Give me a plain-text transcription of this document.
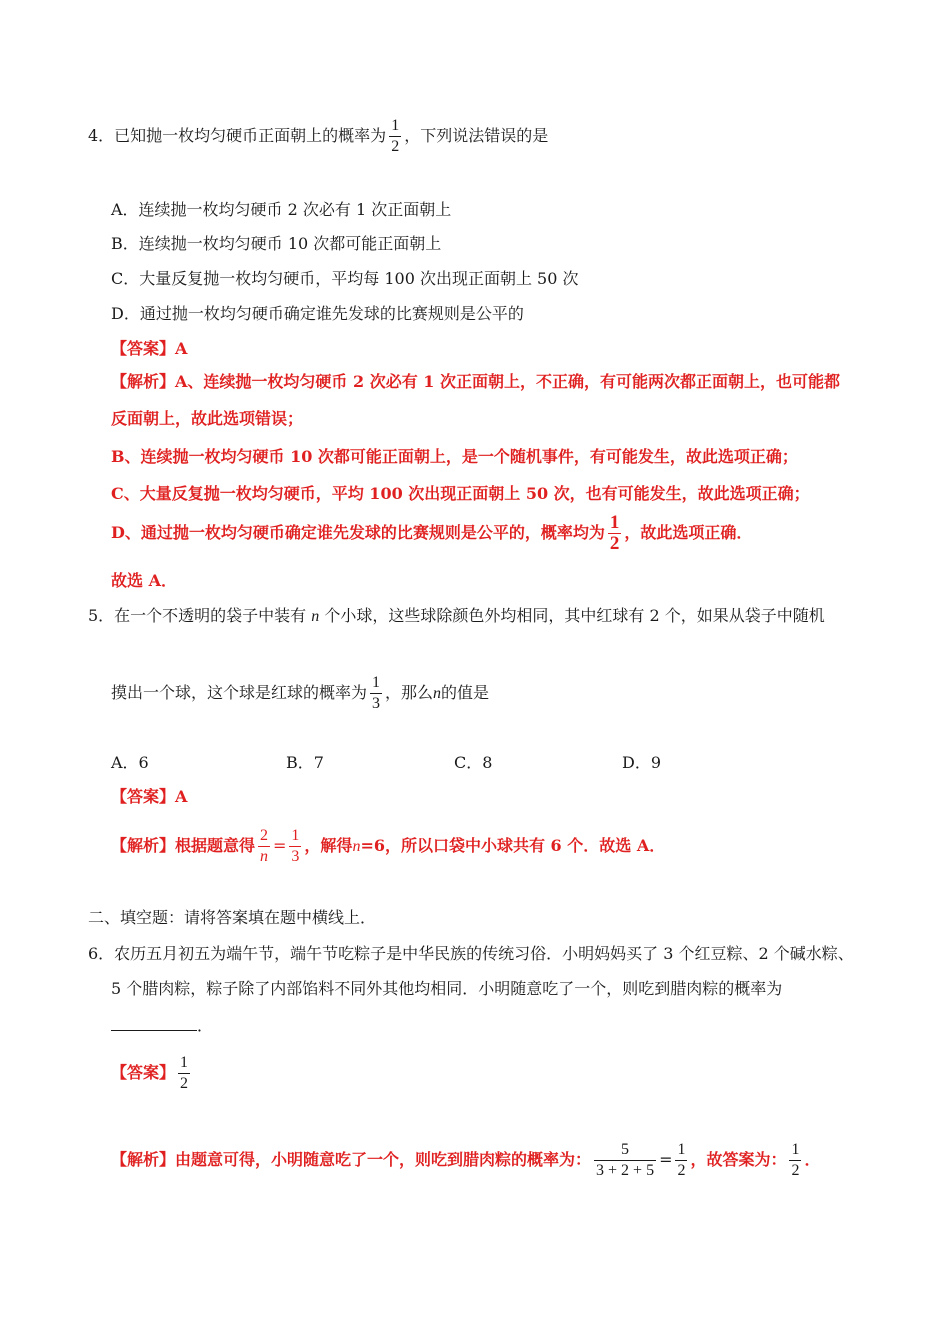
4．已知抛一枚均匀硬币正面朝上的概率为 $\frac{1}{2}$ ，下列说法错误的是
A．连续抛一枚均匀硬币 2 次必有 1 次正面朝上
B．连续抛一枚均匀硬币 10 次都可能正面朝上
C．大量反复抛一枚均匀硬币，平均每 100 次出现正面朝上 50 次
D．通过抛一枚均匀硬币确定谁先发球的比赛规则是公平的
【答案】A
【解析】A、连续抛一枚均匀硬币 2 次必有 1 次正面朝上，不正确，有可能两次都正面朝上，也可能都
反面朝上，故此选项错误；
B、连续抛一枚均匀硬币 10 次都可能正面朝上，是一个随机事件，有可能发生，故此选项正确；
C、大量反复抛一枚均匀硬币，平均 100 次出现正面朝上 50 次，也有可能发生，故此选项正确；
D、通过抛一枚均匀硬币确定谁先发球的比赛规则是公平的，概率均为 $\frac{1}{2}$ ，故此选项正确．
故选 A．
5．在一个不透明的袋子中装有 n 个小球，这些球除颜色外均相同，其中红球有 2 个，如果从袋子中随机
摸出一个球，这个球是红球的概率为 $\frac{1}{3}$ ，那么n的值是
A．6	B．7	C．8	D．9
【答案】A
【解析】根据题意得 $\frac{2}{n} = \frac{1}{3}$ ，解得n=6，所以口袋中小球共有 6 个．故选 A．
二、填空题：请将答案填在题中横线上．
6．农历五月初五为端午节，端午节吃粽子是中华民族的传统习俗．小明妈妈买了 3 个红豆粽、2 个碱水粽、
5 个腊肉粽，粽子除了内部馅料不同外其他均相同．小明随意吃了一个，则吃到腊肉粽的概率为
．
【答案】 $\frac{1}{2}$
【解析】由题意可得，小明随意吃了一个，则吃到腊肉粽的概率为： $\frac{5}{3 + 2 + 5} = \frac{1}{2}$ ，故答案为： $\frac{1}{2}$ ．
